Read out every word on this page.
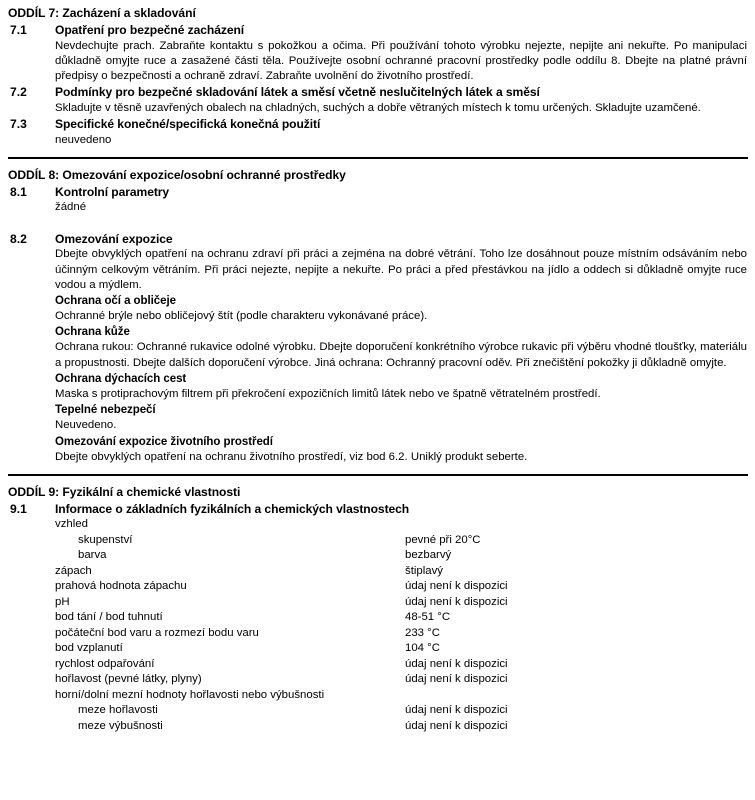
ODDÍL 7: Zacházení a skladování
7.1	Opatření pro bezpečné zacházení

Nevdechujte prach. Zabraňte kontaktu s pokožkou a očima. Při používání tohoto výrobku nejezte, nepijte ani nekuřte. Po manipulaci důkladně omyjte ruce a zasažené části těla. Používejte osobní ochranné pracovní prostředky podle oddílu 8. Dbejte na platné právní předpisy o bezpečnosti a ochraně zdraví. Zabraňte uvolnění do životního prostředí.

7.2	Podmínky pro bezpečné skladování látek a směsí včetně neslučitelných látek a směsí

Skladujte v těsně uzavřených obalech na chladných, suchých a dobře větraných místech k tomu určených. Skladujte uzamčené.

7.3	Specifické konečné/specifická konečná použití

neuvedeno

ODDÍL 8: Omezování expozice/osobní ochranné prostředky
8.1	Kontrolní parametry

žádné

8.2	Omezování expozice

Dbejte obvyklých opatření na ochranu zdraví při práci a zejména na dobré větrání. Toho lze dosáhnout pouze místním odsáváním nebo účinným celkovým větráním. Při práci nejezte, nepijte a nekuřte. Po práci a před přestávkou na jídlo a oddech si důkladně omyjte ruce vodou a mýdlem.

Ochrana očí a obličeje

Ochranné brýle nebo obličejový štít (podle charakteru vykonávané práce).

Ochrana kůže

Ochrana rukou: Ochranné rukavice odolné výrobku. Dbejte doporučení konkrétního výrobce rukavic při výběru vhodné tloušťky, materiálu a propustnosti. Dbejte dalších doporučení výrobce. Jiná ochrana: Ochranný pracovní oděv. Při znečištění pokožky ji důkladně omyjte.

Ochrana dýchacích cest

Maska s protiprachovým filtrem při překročení expozičních limitů látek nebo ve špatně větratelném prostředí.

Tepelné nebezpečí

Neuvedeno.

Omezování expozice životního prostředí

Dbejte obvyklých opatření na ochranu životního prostředí, viz bod 6.2. Uniklý produkt seberte.

ODDÍL 9: Fyzikální a chemické vlastnosti
9.1	Informace o základních fyzikálních a chemických vlastnostech
vzhled	
skupenství	pevné při 20°C
barva	bezbarvý
zápach	štiplavý
prahová hodnota zápachu	údaj není k dispozici
pH	údaj není k dispozici
bod tání / bod tuhnutí	48-51 °C
počáteční bod varu a rozmezí bodu varu	233 °C
bod vzplanutí	104 °C
rychlost odpařování	údaj není k dispozici
hořlavost (pevné látky, plyny)	údaj není k dispozici
horní/dolní mezní hodnoty hořlavosti nebo výbušnosti	
meze hořlavosti	údaj není k dispozici
meze výbušnosti	údaj není k dispozici
